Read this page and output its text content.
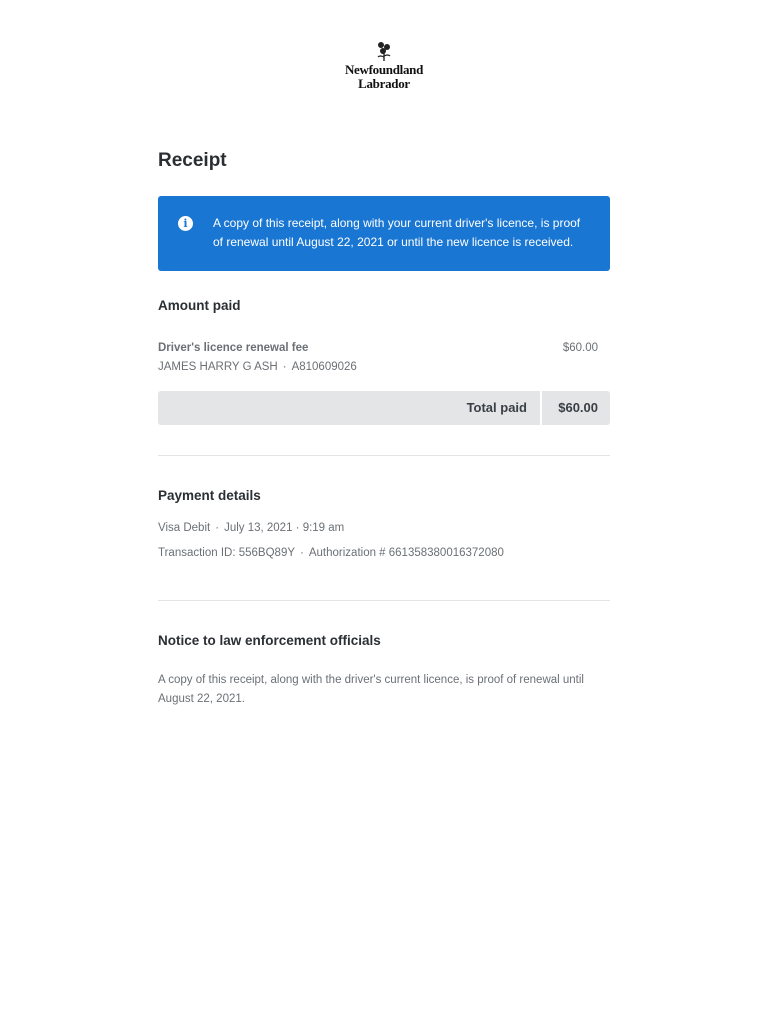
Newfoundland
Labrador
Receipt
i	A copy of this receipt, along with your current driver's licence, is proof of renewal until August 22, 2021 or until the new licence is received.
Amount paid
Driver's licence renewal fee
JAMES HARRY G ASH · A810609026
$60.00
Total paid $60.00
Payment details
Visa Debit · July 13, 2021 · 9:19 am
Transaction ID: 556BQ89Y · Authorization # 661358380016372080
Notice to law enforcement officials

A copy of this receipt, along with the driver's current licence, is proof of renewal until August 22, 2021.
